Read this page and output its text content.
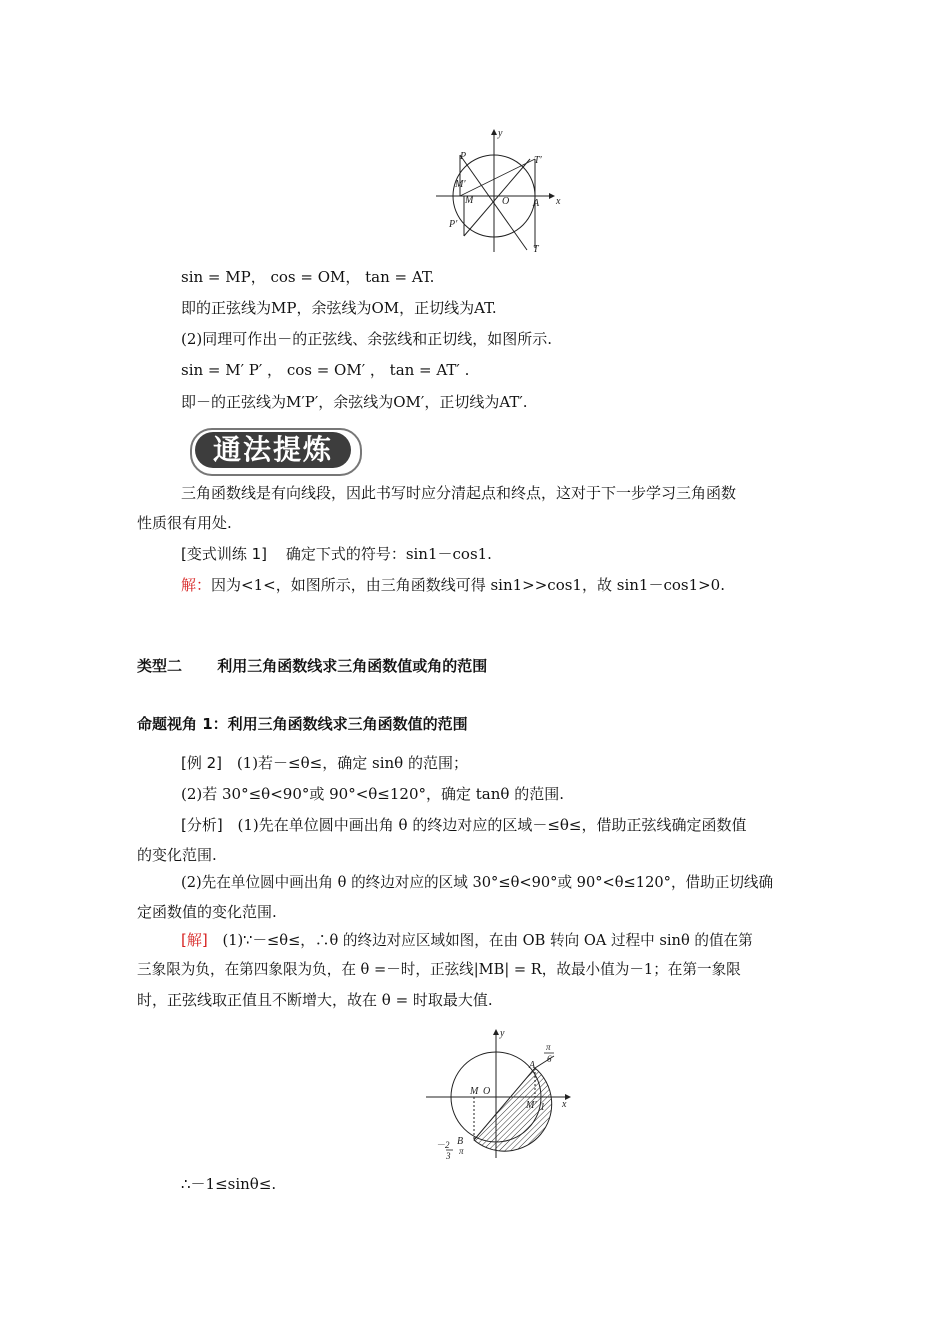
y
x
P	T′
M′
M	O A
P′
T
sin = MP， cos = OM， tan = AT.
即的正弦线为MP，余弦线为OM，正切线为AT.
(2)同理可作出－的正弦线、余弦线和正切线，如图所示.
sin = M′ P′ ， cos = OM′ ， tan = AT′ .
即－的正弦线为M′P′，余弦线为OM′，正切线为AT′.
通法提炼
三角函数线是有向线段，因此书写时应分清起点和终点，这对于下一步学习三角函数
性质很有用处.
[变式训练 1] 确定下式的符号：sin1－cos1.
解：因为<1<，如图所示，由三角函数线可得 sin1>>cos1，故 sin1－cos1>0.
类型二 利用三角函数线求三角函数值或角的范围
命题视角 1：利用三角函数线求三角函数值的范围
[例 2] (1)若－≤θ≤，确定 sinθ 的范围；
(2)若 30°≤θ<90°或 90°<θ≤120°，确定 tanθ 的范围.
[分析] (1)先在单位圆中画出角 θ 的终边对应的区域－≤θ≤，借助正弦线确定函数值
的变化范围.
(2)先在单位圆中画出角 θ 的终边对应的区域 30°≤θ<90°或 90°<θ≤120°，借助正切线确
定函数值的变化范围.
[解] (1)∵－≤θ≤，∴θ 的终边对应区域如图，在由 OB 转向 OA 过程中 sinθ 的值在第
三象限为负，在第四象限为负，在 θ =－时，正弦线|MB| = R，故最小值为－1；在第一象限
时，正弦线取正值且不断增大，故在 θ = 时取最大值.
y
x
π
6
A
M O
M′ 1
－2
3
B
π
∴－1≤sinθ≤.
